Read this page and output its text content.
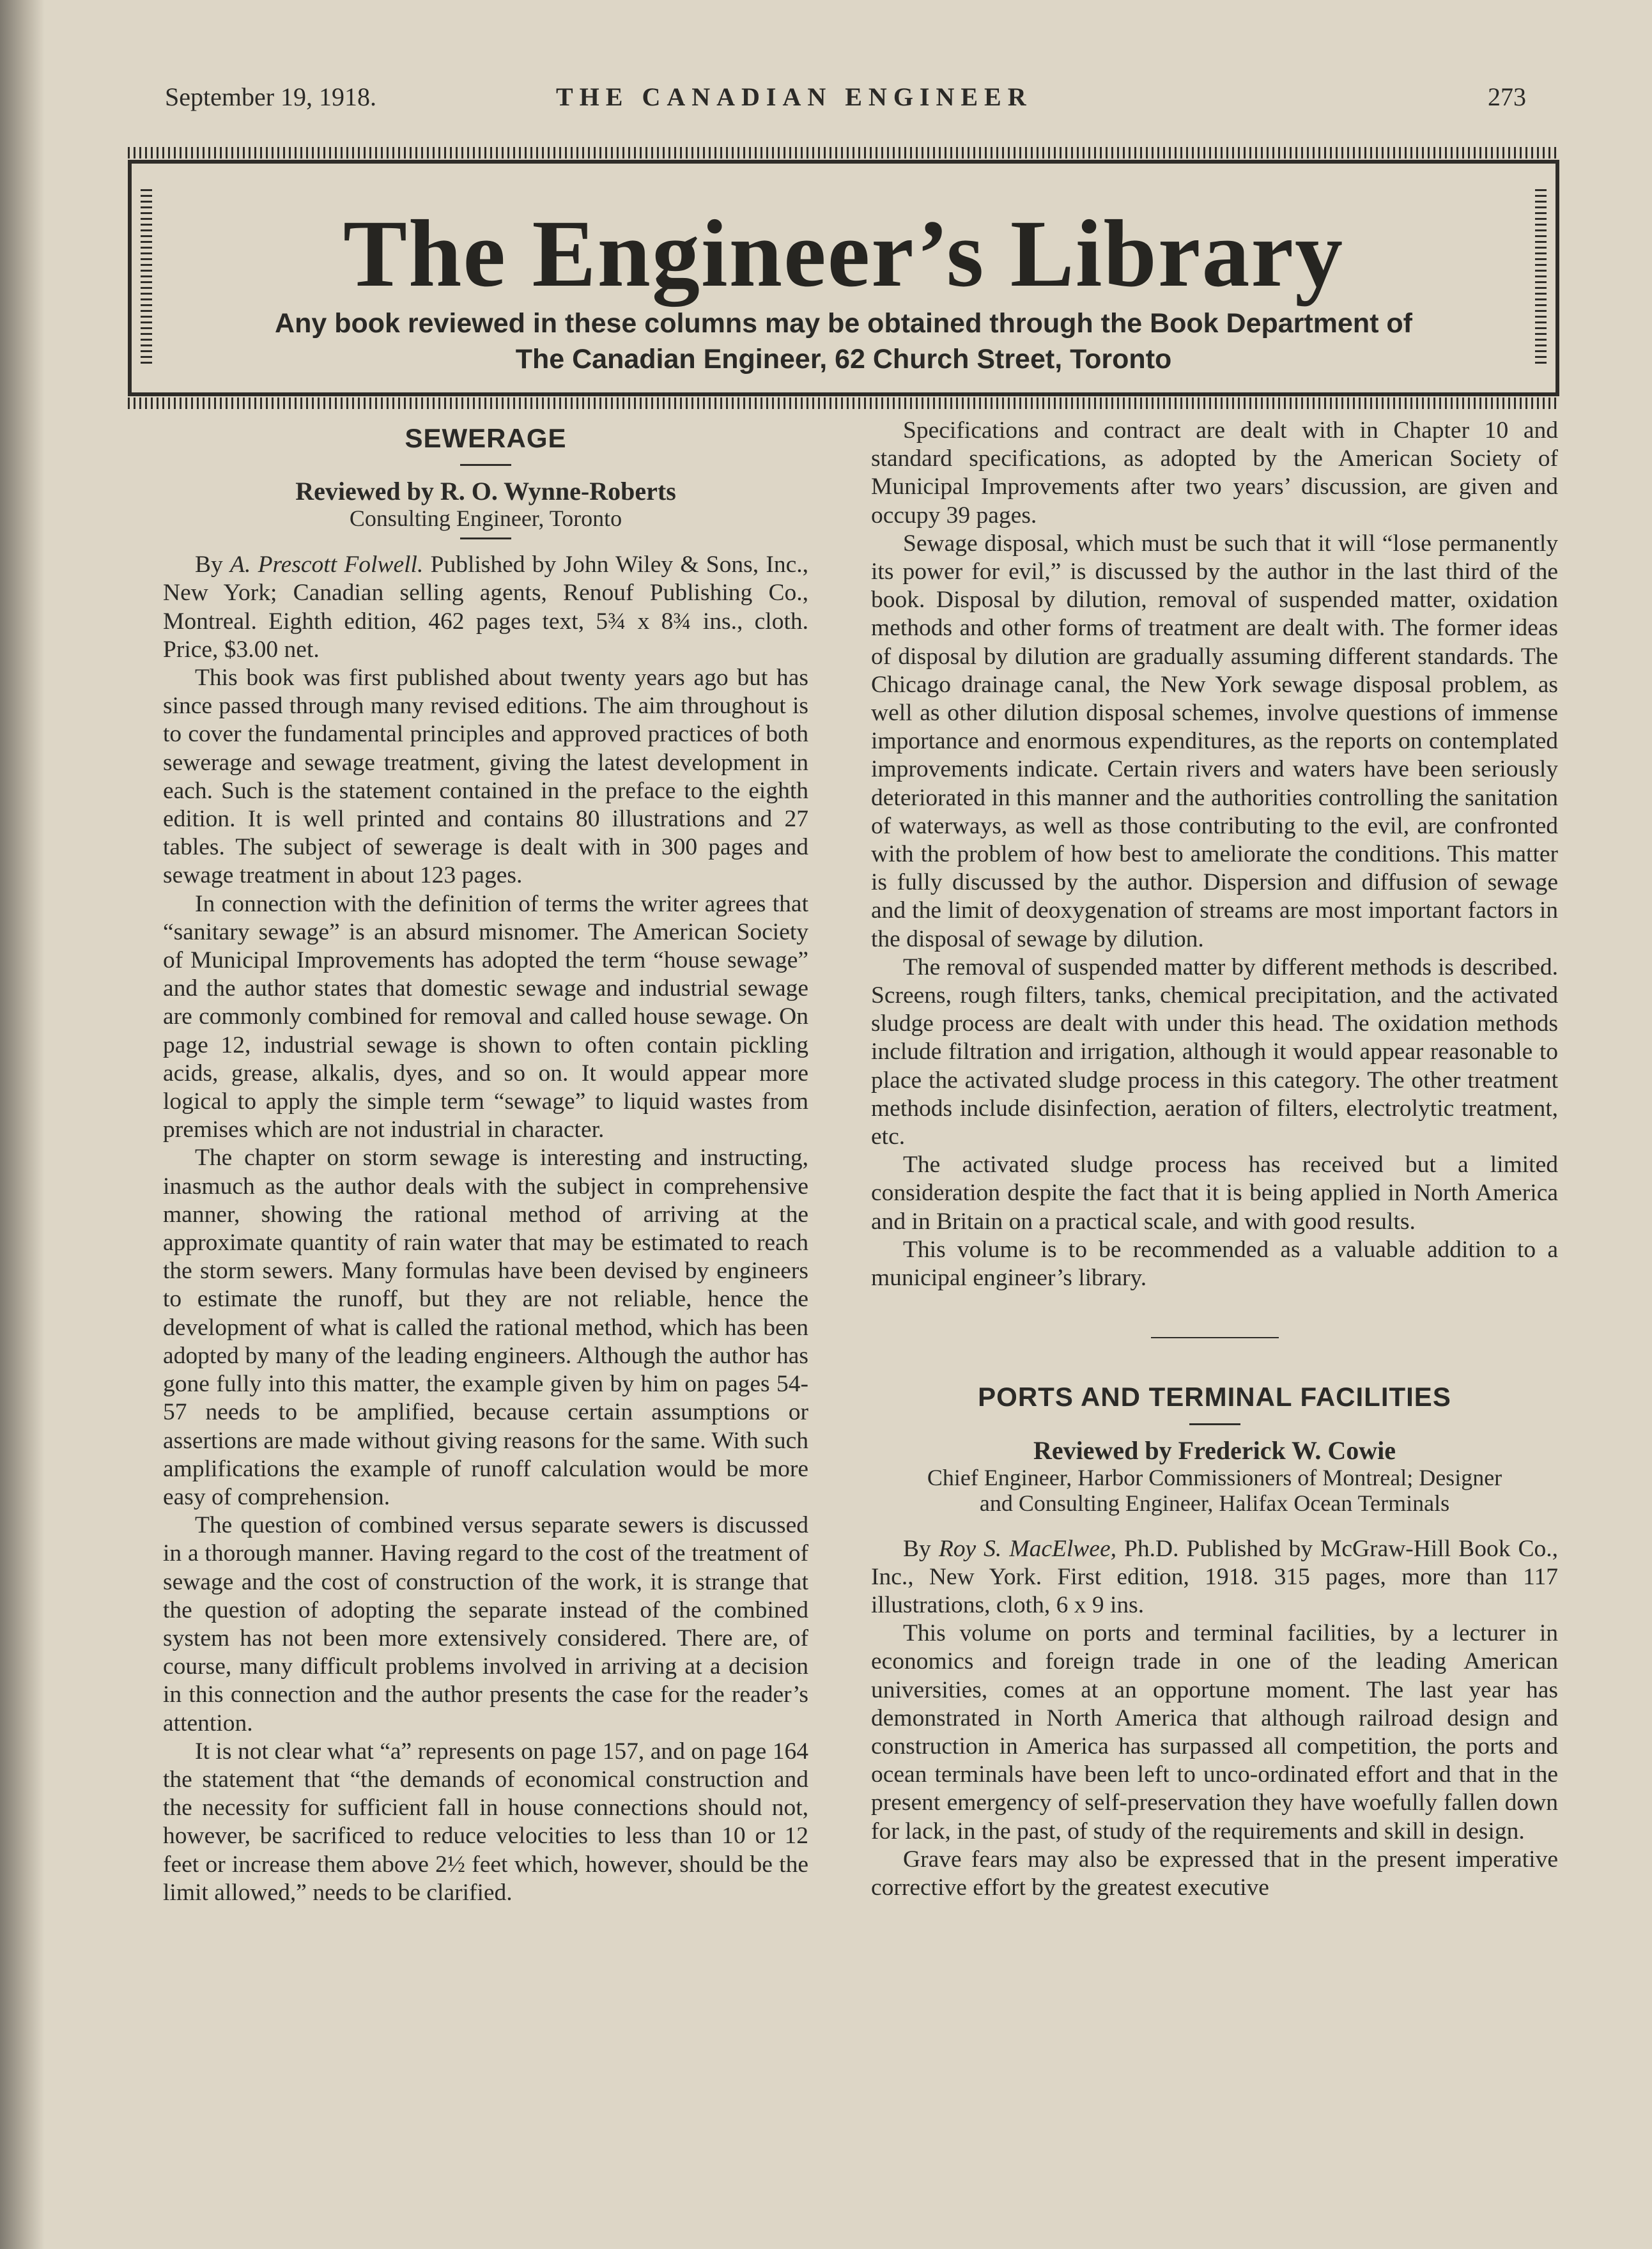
September 19, 1918.	THE CANADIAN ENGINEER	273
The Engineer’s Library
Any book reviewed in these columns may be obtained through the Book Department of
The Canadian Engineer, 62 Church Street, Toronto
SEWERAGE
Reviewed by R. O. Wynne-Roberts
Consulting Engineer, Toronto

By A. Prescott Folwell. Published by John Wiley & Sons, Inc., New York; Canadian selling agents, Renouf Publishing Co., Montreal. Eighth edition, 462 pages text, 5¾ x 8¾ ins., cloth. Price, $3.00 net.

This book was first published about twenty years ago but has since passed through many revised editions. The aim throughout is to cover the fundamental principles and approved practices of both sewerage and sewage treatment, giving the latest development in each. Such is the statement contained in the preface to the eighth edition. It is well printed and contains 80 illustrations and 27 tables. The subject of sewerage is dealt with in 300 pages and sewage treatment in about 123 pages.

In connection with the definition of terms the writer agrees that “sanitary sewage” is an absurd misnomer. The American Society of Municipal Improvements has adopted the term “house sewage” and the author states that domestic sewage and industrial sewage are commonly combined for removal and called house sewage. On page 12, industrial sewage is shown to often contain pickling acids, grease, alkalis, dyes, and so on. It would appear more logical to apply the simple term “sewage” to liquid wastes from premises which are not industrial in character.

The chapter on storm sewage is interesting and instructing, inasmuch as the author deals with the subject in comprehensive manner, showing the rational method of arriving at the approximate quantity of rain water that may be estimated to reach the storm sewers. Many formulas have been devised by engineers to estimate the runoff, but they are not reliable, hence the development of what is called the rational method, which has been adopted by many of the leading engineers. Although the author has gone fully into this matter, the example given by him on pages 54-57 needs to be amplified, because certain assumptions or assertions are made without giving reasons for the same. With such amplifications the example of runoff calculation would be more easy of comprehension.

The question of combined versus separate sewers is discussed in a thorough manner. Having regard to the cost of the treatment of sewage and the cost of construction of the work, it is strange that the question of adopting the separate instead of the combined system has not been more extensively considered. There are, of course, many difficult problems involved in arriving at a decision in this connection and the author presents the case for the reader’s attention.

It is not clear what “a” represents on page 157, and on page 164 the statement that “the demands of economical construction and the necessity for sufficient fall in house connections should not, however, be sacrificed to reduce velocities to less than 10 or 12 feet or increase them above 2½ feet which, however, should be the limit allowed,” needs to be clarified.

Specifications and contract are dealt with in Chapter 10 and standard specifications, as adopted by the American Society of Municipal Improvements after two years’ discussion, are given and occupy 39 pages.

Sewage disposal, which must be such that it will “lose permanently its power for evil,” is discussed by the author in the last third of the book. Disposal by dilution, removal of suspended matter, oxidation methods and other forms of treatment are dealt with. The former ideas of disposal by dilution are gradually assuming different standards. The Chicago drainage canal, the New York sewage disposal problem, as well as other dilution disposal schemes, involve questions of immense importance and enormous expenditures, as the reports on contemplated improvements indicate. Certain rivers and waters have been seriously deteriorated in this manner and the authorities controlling the sanitation of waterways, as well as those contributing to the evil, are confronted with the problem of how best to ameliorate the conditions. This matter is fully discussed by the author. Dispersion and diffusion of sewage and the limit of deoxygenation of streams are most important factors in the disposal of sewage by dilution.

The removal of suspended matter by different methods is described. Screens, rough filters, tanks, chemical precipitation, and the activated sludge process are dealt with under this head. The oxidation methods include filtration and irrigation, although it would appear reasonable to place the activated sludge process in this category. The other treatment methods include disinfection, aeration of filters, electrolytic treatment, etc.

The activated sludge process has received but a limited consideration despite the fact that it is being applied in North America and in Britain on a practical scale, and with good results.

This volume is to be recommended as a valuable addition to a municipal engineer’s library.

PORTS AND TERMINAL FACILITIES
Reviewed by Frederick W. Cowie
Chief Engineer, Harbor Commissioners of Montreal; Designer
and Consulting Engineer, Halifax Ocean Terminals

By Roy S. MacElwee, Ph.D. Published by McGraw-Hill Book Co., Inc., New York. First edition, 1918. 315 pages, more than 117 illustrations, cloth, 6 x 9 ins.

This volume on ports and terminal facilities, by a lecturer in economics and foreign trade in one of the leading American universities, comes at an opportune moment. The last year has demonstrated in North America that although railroad design and construction in America has surpassed all competition, the ports and ocean terminals have been left to unco-ordinated effort and that in the present emergency of self-preservation they have woefully fallen down for lack, in the past, of study of the requirements and skill in design.

Grave fears may also be expressed that in the present imperative corrective effort by the greatest executive
